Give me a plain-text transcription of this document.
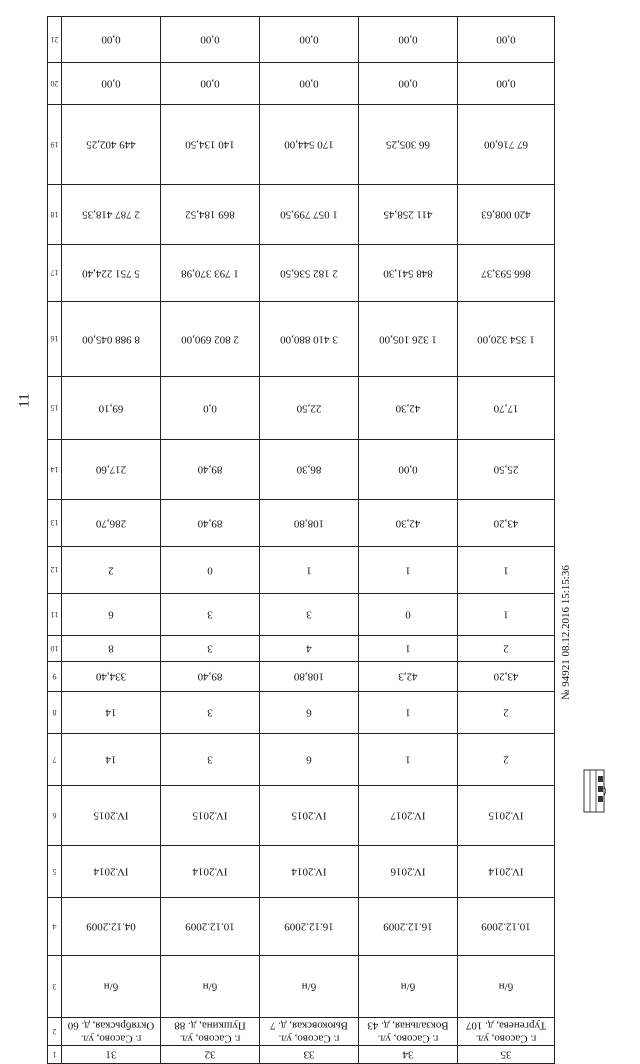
11
21	0,00	0,00	0,00	0,00	0,00

20	0,00	0,00	0,00	0,00	0,00

19	449 402,25	140 134,50	170 544,00	66 305,25	67 716,00

18	2 787 418,35	869 184,52	1 057 799,50	411 258,45	420 008,63

17	5 751 224,40	1 793 370,98	2 182 536,50	848 541,30	866 593,37

16	8 988 045,00	2 802 690,00	3 410 880,00	1 326 105,00	1 354 320,00

15	69,10	0,0	22,50	42,30	17,70

14	217,60	89,40	86,30	0,00	25,50

13	286,70	89,40	108,80	42,30	43,20

12	2	0	1	1	1

11	6	3	3	0	1

10	8	3	4	1	2

9	334,40	89,40	108,80	42,3	43,20

8	14	3	6	1	2

7	14	3	6	1	2

6	IV.2015	IV.2015	IV.2015	IV.2017	IV.2015

5	IV.2014	IV.2014	IV.2014	IV.2016	IV.2014

4	04.12.2009	10.12.2009	16.12.2009	16.12.2009	10.12.2009

3	б/н	б/н	б/н	б/н	б/н

2	г. Сасово, ул. Октябрьская, д. 60	г. Сасово, ул. Пушкина, д. 88	г. Сасово, ул. Вьюковская, д. 7	г. Сасово, ул. Вокзальная, д. 43	г. Сасово, ул. Тургенева, д. 107

1	31	32	33	34	35
№ 94921 08.12.2016 15:15:36
